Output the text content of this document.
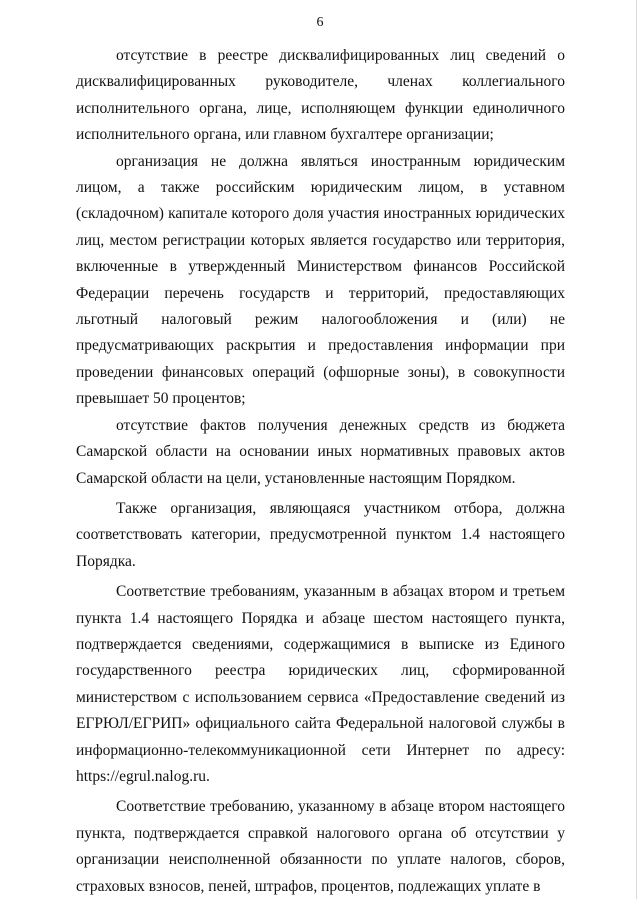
6

отсутствие в реестре дисквалифицированных лиц сведений о дисквалифицированных руководителе, членах коллегиального исполнительного органа, лице, исполняющем функции единоличного исполнительного органа, или главном бухгалтере организации;

организация не должна являться иностранным юридическим лицом, а также российским юридическим лицом, в уставном (складочном) капитале которого доля участия иностранных юридических лиц, местом регистрации которых является государство или территория, включенные в утвержденный Министерством финансов Российской Федерации перечень государств и территорий, предоставляющих льготный налоговый режим налогообложения и (или) не предусматривающих раскрытия и предоставления информации при проведении финансовых операций (офшорные зоны), в совокупности превышает 50 процентов;

отсутствие фактов получения денежных средств из бюджета Самарской области на основании иных нормативных правовых актов Самарской области на цели, установленные настоящим Порядком.

Также организация, являющаяся участником отбора, должна соответствовать категории, предусмотренной пунктом 1.4 настоящего Порядка.

Соответствие требованиям, указанным в абзацах втором и третьем пункта 1.4 настоящего Порядка и абзаце шестом настоящего пункта, подтверждается сведениями, содержащимися в выписке из Единого государственного реестра юридических лиц, сформированной министерством с использованием сервиса «Предоставление сведений из ЕГРЮЛ/ЕГРИП» официального сайта Федеральной налоговой службы в информационно-телекоммуникационной сети Интернет по адресу: https://egrul.nalog.ru.

Соответствие требованию, указанному в абзаце втором настоящего пункта, подтверждается справкой налогового органа об отсутствии у организации неисполненной обязанности по уплате налогов, сборов, страховых взносов, пеней, штрафов, процентов, подлежащих уплате в
